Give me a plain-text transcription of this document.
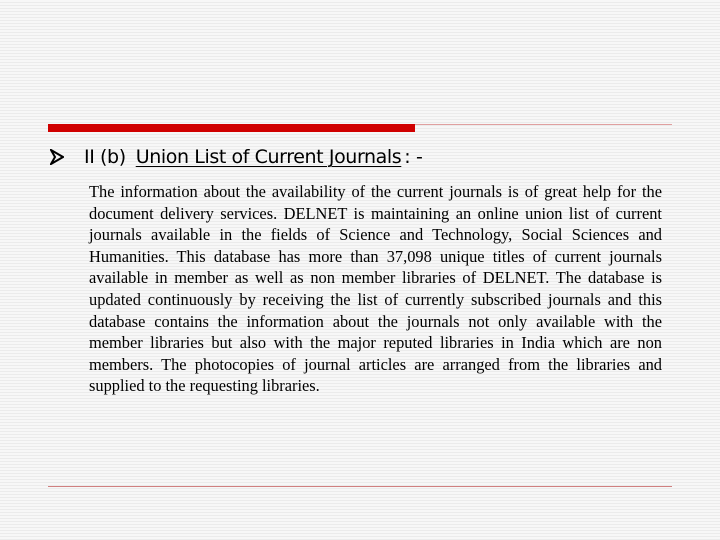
II (b) Union List of Current Journals : -

The information about the availability of the current journals is of great help for the document delivery services. DELNET is maintaining an online union list of current journals available in the fields of Science and Technology, Social Sciences and Humanities. This database has more than 37,098 unique titles of current journals available in member as well as non member libraries of DELNET. The database is updated continuously by receiving the list of currently subscribed journals and this database contains the information about the journals not only available with the member libraries but also with the major reputed libraries in India which are non members. The photocopies of journal articles are arranged from the libraries and supplied to the requesting libraries.
